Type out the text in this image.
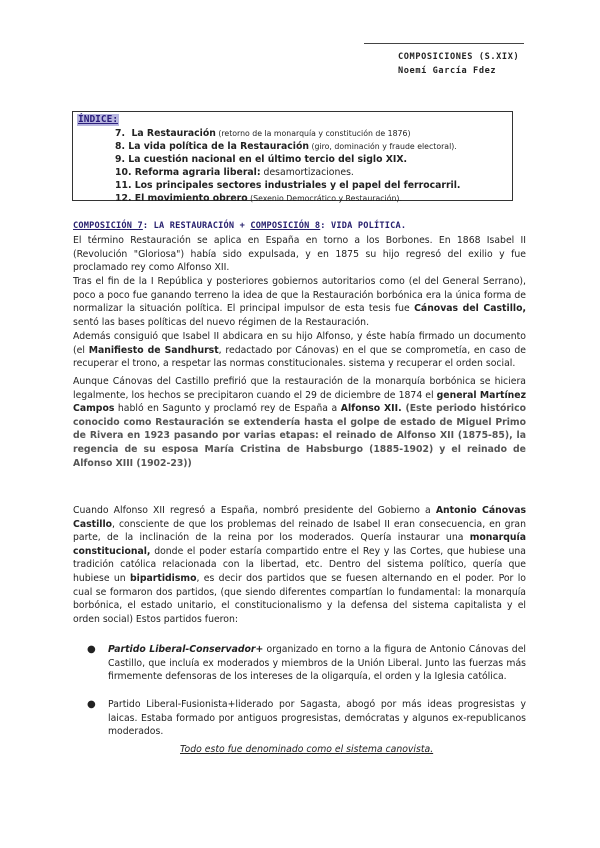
COMPOSICIONES (S.XIX)
Noemí García Fdez
ÍNDICE:
7. La Restauración (retorno de la monarquía y constitución de 1876)
8. La vida política de la Restauración (giro, dominación y fraude electoral).
9. La cuestión nacional en el último tercio del siglo XIX.
10. Reforma agraria liberal: desamortizaciones.
11. Los principales sectores industriales y el papel del ferrocarril.
12. El movimiento obrero (Sexenio Democrático y Restauración).
COMPOSICIÓN 7: LA RESTAURACIÓN + COMPOSICIÓN 8: VIDA POLÍTICA.
El término Restauración se aplica en España en torno a los Borbones. En 1868 Isabel II (Revolución "Gloriosa") había sido expulsada, y en 1875 su hijo regresó del exilio y fue proclamado rey como Alfonso XII.
Tras el fin de la I República y posteriores gobiernos autoritarios como (el del General Serrano), poco a poco fue ganando terreno la idea de que la Restauración borbónica era la única forma de normalizar la situación política. El principal impulsor de esta tesis fue Cánovas del Castillo, sentó las bases políticas del nuevo régimen de la Restauración.
Además consiguió que Isabel II abdicara en su hijo Alfonso, y éste había firmado un documento (el Manifiesto de Sandhurst, redactado por Cánovas) en el que se comprometía, en caso de recuperar el trono, a respetar las normas constitucionales. sistema y recuperar el orden social.
Aunque Cánovas del Castillo prefirió que la restauración de la monarquía borbónica se hiciera legalmente, los hechos se precipitaron cuando el 29 de diciembre de 1874 el general Martínez Campos habló en Sagunto y proclamó rey de España a Alfonso XII. (Este periodo histórico conocido como Restauración se extendería hasta el golpe de estado de Miguel Primo de Rivera en 1923 pasando por varias etapas: el reinado de Alfonso XII (1875-85), la regencia de su esposa María Cristina de Habsburgo (1885-1902) y el reinado de Alfonso XIII (1902-23))
Cuando Alfonso XII regresó a España, nombró presidente del Gobierno a Antonio Cánovas Castillo, consciente de que los problemas del reinado de Isabel II eran consecuencia, en gran parte, de la inclinación de la reina por los moderados. Quería instaurar una monarquía constitucional, donde el poder estaría compartido entre el Rey y las Cortes, que hubiese una tradición católica relacionada con la libertad, etc. Dentro del sistema político, quería que hubiese un bipartidismo, es decir dos partidos que se fuesen alternando en el poder. Por lo cual se formaron dos partidos, (que siendo diferentes compartían lo fundamental: la monarquía borbónica, el estado unitario, el constitucionalismo y la defensa del sistema capitalista y el orden social) Estos partidos fueron:
●	Partido Liberal-Conservador+ organizado en torno a la figura de Antonio Cánovas del Castillo, que incluía ex moderados y miembros de la Unión Liberal. Junto las fuerzas más firmemente defensoras de los intereses de la oligarquía, el orden y la Iglesia católica.
●	Partido Liberal-Fusionista+liderado por Sagasta, abogó por más ideas progresistas y laicas. Estaba formado por antiguos progresistas, demócratas y algunos ex-republicanos moderados.
Todo esto fue denominado como el sistema canovista.
